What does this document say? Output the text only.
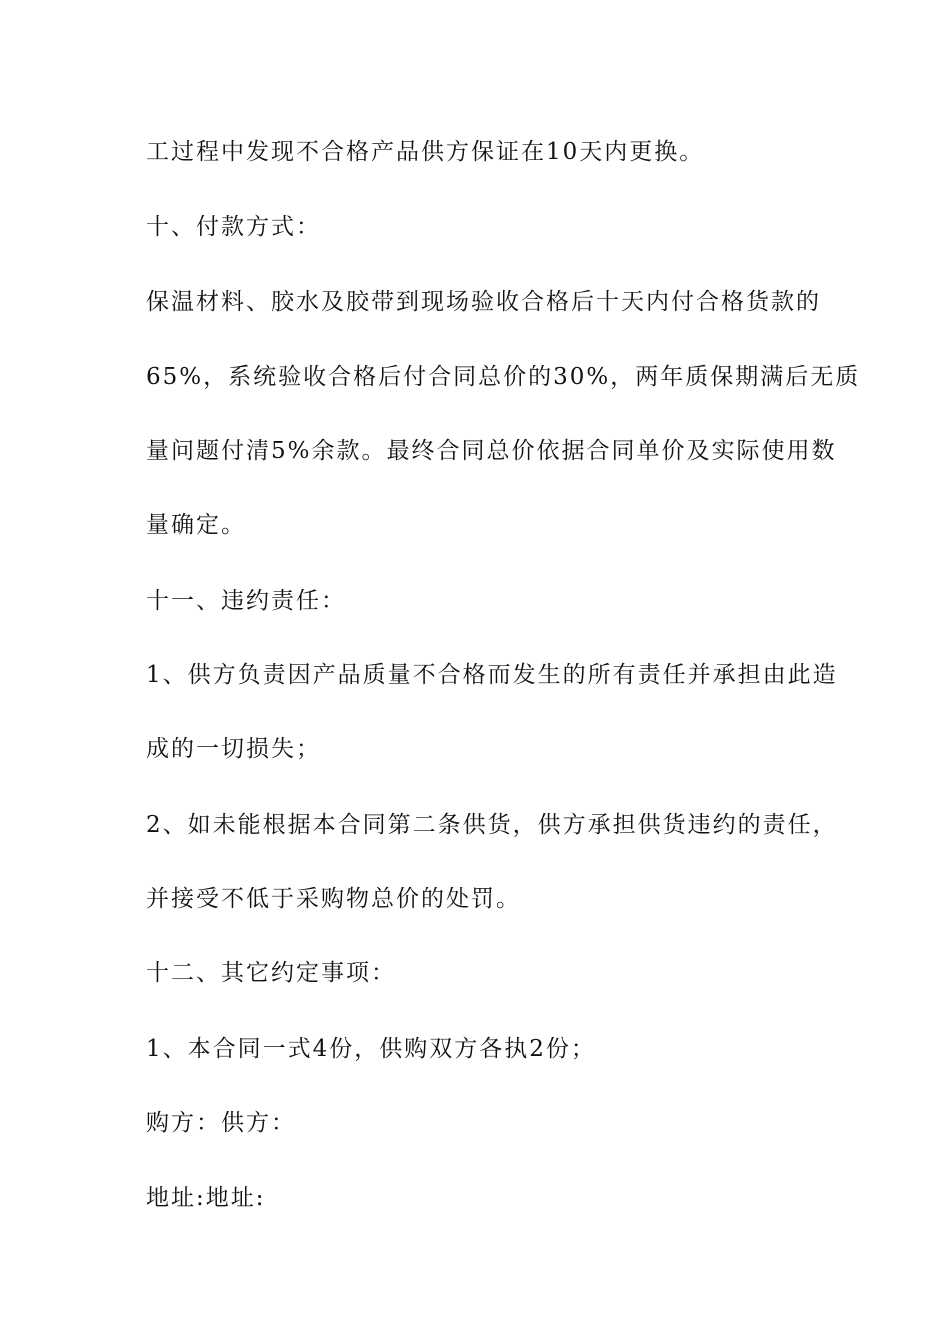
工过程中发现不合格产品供方保证在10天内更换。
十、付款方式：
保温材料、胶水及胶带到现场验收合格后十天内付合格货款的
65%，系统验收合格后付合同总价的30%，两年质保期满后无质
量问题付清5%余款。最终合同总价依据合同单价及实际使用数
量确定。
十一、违约责任：
1、供方负责因产品质量不合格而发生的所有责任并承担由此造
成的一切损失；
2、如未能根据本合同第二条供货，供方承担供货违约的责任，
并接受不低于采购物总价的处罚。
十二、其它约定事项：
1、本合同一式4份，供购双方各执2份；
购方：供方：
地址:地址:
